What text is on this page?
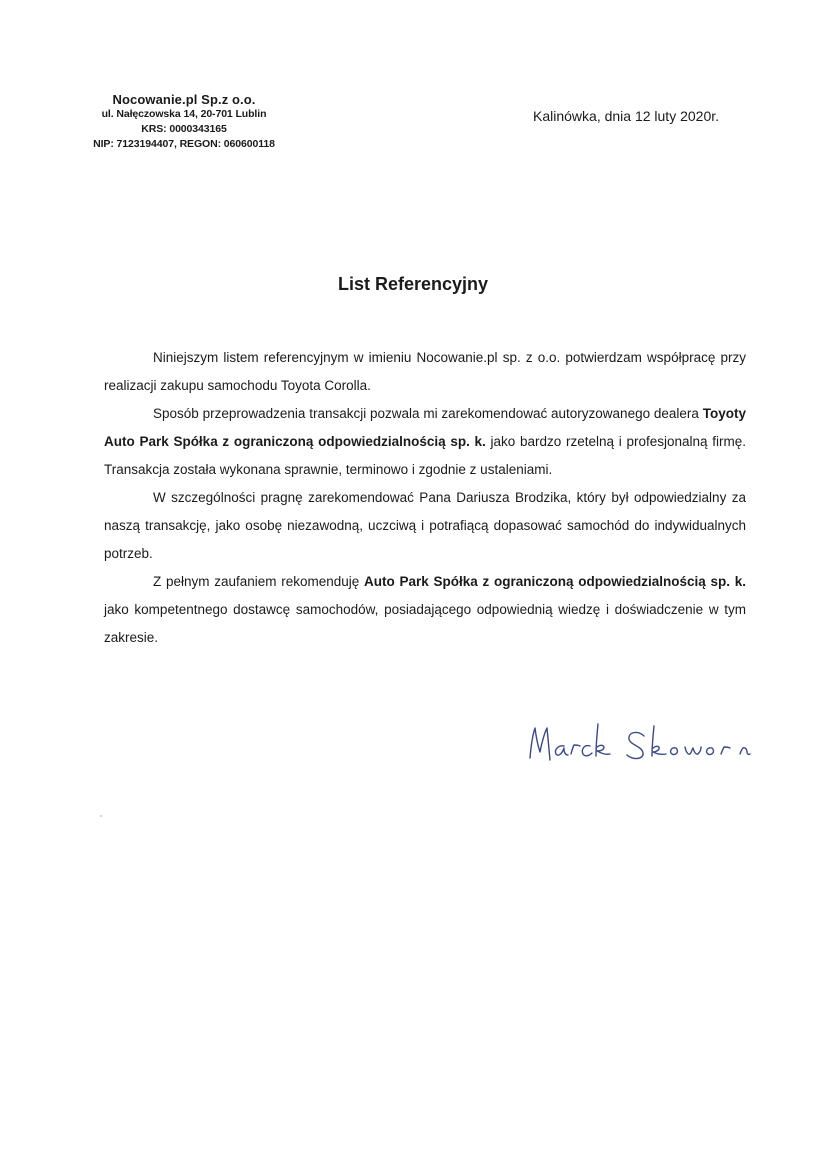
Nocowanie.pl Sp.z o.o.
ul. Nałęczowska 14, 20-701 Lublin
KRS: 0000343165
NIP: 7123194407, REGON: 060600118
Kalinówka, dnia 12 luty 2020r.
List Referencyjny

Niniejszym listem referencyjnym w imieniu Nocowanie.pl sp. z o.o. potwierdzam współpracę przy realizacji zakupu samochodu Toyota Corolla.

Sposób przeprowadzenia transakcji pozwala mi zarekomendować autoryzowanego dealera Toyoty Auto Park Spółka z ograniczoną odpowiedzialnością sp. k. jako bardzo rzetelną i profesjonalną firmę. Transakcja została wykonana sprawnie, terminowo i zgodnie z ustaleniami.

W szczególności pragnę zarekomendować Pana Dariusza Brodzika, który był odpowiedzialny za naszą transakcję, jako osobę niezawodną, uczciwą i potrafiącą dopasować samochód do indywidualnych potrzeb.

Z pełnym zaufaniem rekomenduję Auto Park Spółka z ograniczoną odpowiedzialnością sp. k. jako kompetentnego dostawcę samochodów, posiadającego odpowiednią wiedzę i doświadczenie w tym zakresie.
